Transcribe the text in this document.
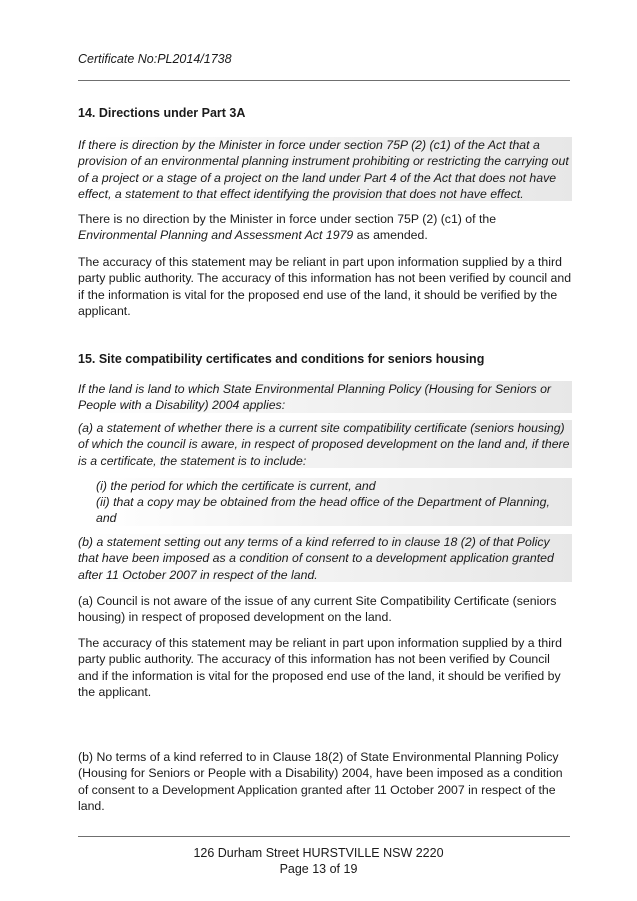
Certificate No:PL2014/1738
14. Directions under Part 3A
If there is direction by the Minister in force under section 75P (2) (c1) of the Act that a provision of an environmental planning instrument prohibiting or restricting the carrying out of a project or a stage of a project on the land under Part 4 of the Act that does not have effect, a statement to that effect identifying the provision that does not have effect.
There is no direction by the Minister in force under section 75P (2) (c1) of the
Environmental Planning and Assessment Act 1979 as amended.
The accuracy of this statement may be reliant in part upon information supplied by a third party public authority. The accuracy of this information has not been verified by council and if the information is vital for the proposed end use of the land, it should be verified by the applicant.
15. Site compatibility certificates and conditions for seniors housing
If the land is land to which State Environmental Planning Policy (Housing for Seniors or People with a Disability) 2004 applies:
(a) a statement of whether there is a current site compatibility certificate (seniors housing) of which the council is aware, in respect of proposed development on the land and, if there is a certificate, the statement is to include:
(i) the period for which the certificate is current, and
(ii) that a copy may be obtained from the head office of the Department of Planning, and
(b) a statement setting out any terms of a kind referred to in clause 18 (2) of that Policy that have been imposed as a condition of consent to a development application granted after 11 October 2007 in respect of the land.
(a) Council is not aware of the issue of any current Site Compatibility Certificate (seniors housing) in respect of proposed development on the land.
The accuracy of this statement may be reliant in part upon information supplied by a third party public authority. The accuracy of this information has not been verified by Council and if the information is vital for the proposed end use of the land, it should be verified by the applicant.
(b) No terms of a kind referred to in Clause 18(2) of State Environmental Planning Policy (Housing for Seniors or People with a Disability) 2004, have been imposed as a condition of consent to a Development Application granted after 11 October 2007 in respect of the land.
126 Durham Street HURSTVILLE NSW 2220
Page 13 of 19
